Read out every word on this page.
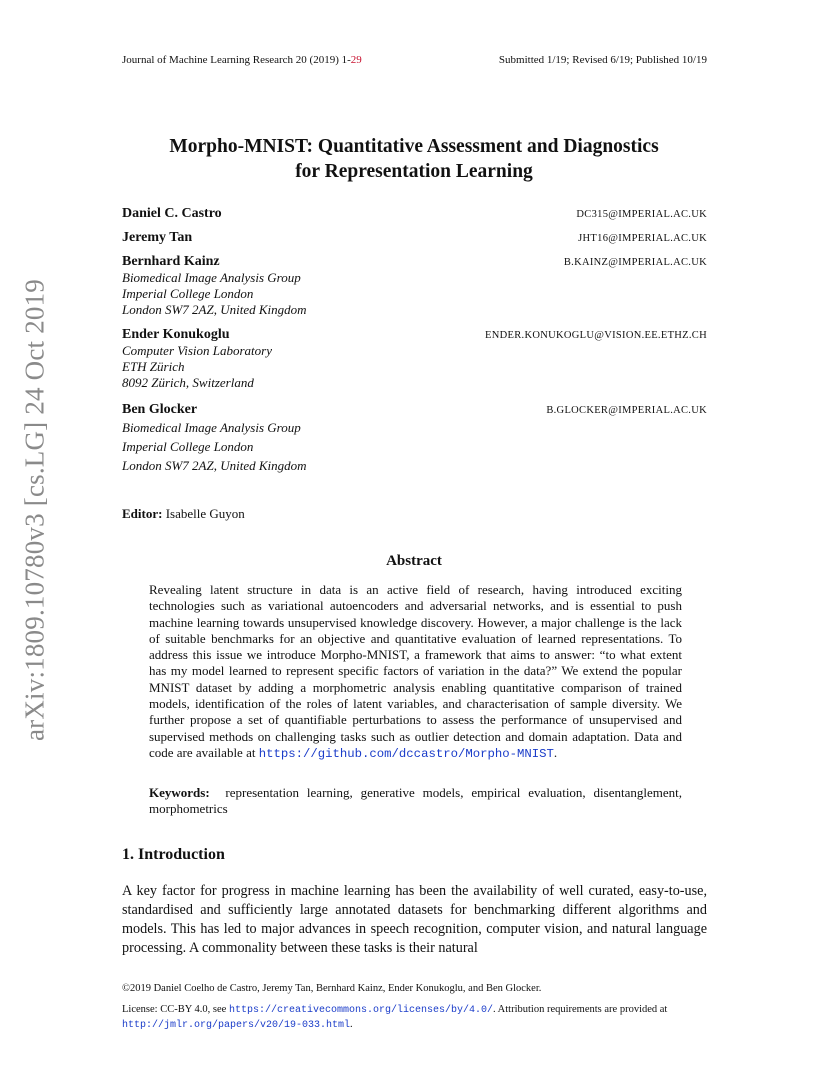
arXiv:1809.10780v3 [cs.LG] 24 Oct 2019
Journal of Machine Learning Research 20 (2019) 1-29	Submitted 1/19; Revised 6/19; Published 10/19
Morpho-MNIST: Quantitative Assessment and Diagnostics
for Representation Learning
Daniel C. Castro	DC315@IMPERIAL.AC.UK
Jeremy Tan	JHT16@IMPERIAL.AC.UK
Bernhard Kainz	B.KAINZ@IMPERIAL.AC.UK
Biomedical Image Analysis Group
Imperial College London
London SW7 2AZ, United Kingdom
Ender Konukoglu	ENDER.KONUKOGLU@VISION.EE.ETHZ.CH
Computer Vision Laboratory
ETH Zürich
8092 Zürich, Switzerland
Ben Glocker	B.GLOCKER@IMPERIAL.AC.UK
Biomedical Image Analysis Group
Imperial College London
London SW7 2AZ, United Kingdom
Editor: Isabelle Guyon
Abstract
Revealing latent structure in data is an active field of research, having introduced exciting technologies such as variational autoencoders and adversarial networks, and is essential to push machine learning towards unsupervised knowledge discovery. However, a major challenge is the lack of suitable benchmarks for an objective and quantitative evaluation of learned representations. To address this issue we introduce Morpho-MNIST, a framework that aims to answer: “to what extent has my model learned to represent specific factors of variation in the data?” We extend the popular MNIST dataset by adding a morphometric analysis enabling quantitative comparison of trained models, identification of the roles of latent variables, and characterisation of sample diversity. We further propose a set of quantifiable perturbations to assess the performance of unsupervised and supervised methods on challenging tasks such as outlier detection and domain adaptation. Data and code are available at https://github.com/dccastro/Morpho-MNIST.
Keywords: representation learning, generative models, empirical evaluation, disentanglement, morphometrics
1. Introduction
A key factor for progress in machine learning has been the availability of well curated, easy-to-use, standardised and sufficiently large annotated datasets for benchmarking different algorithms and models. This has led to major advances in speech recognition, computer vision, and natural language processing. A commonality between these tasks is their natural
©2019 Daniel Coelho de Castro, Jeremy Tan, Bernhard Kainz, Ender Konukoglu, and Ben Glocker.
License: CC-BY 4.0, see https://creativecommons.org/licenses/by/4.0/. Attribution requirements are provided at http://jmlr.org/papers/v20/19-033.html.
